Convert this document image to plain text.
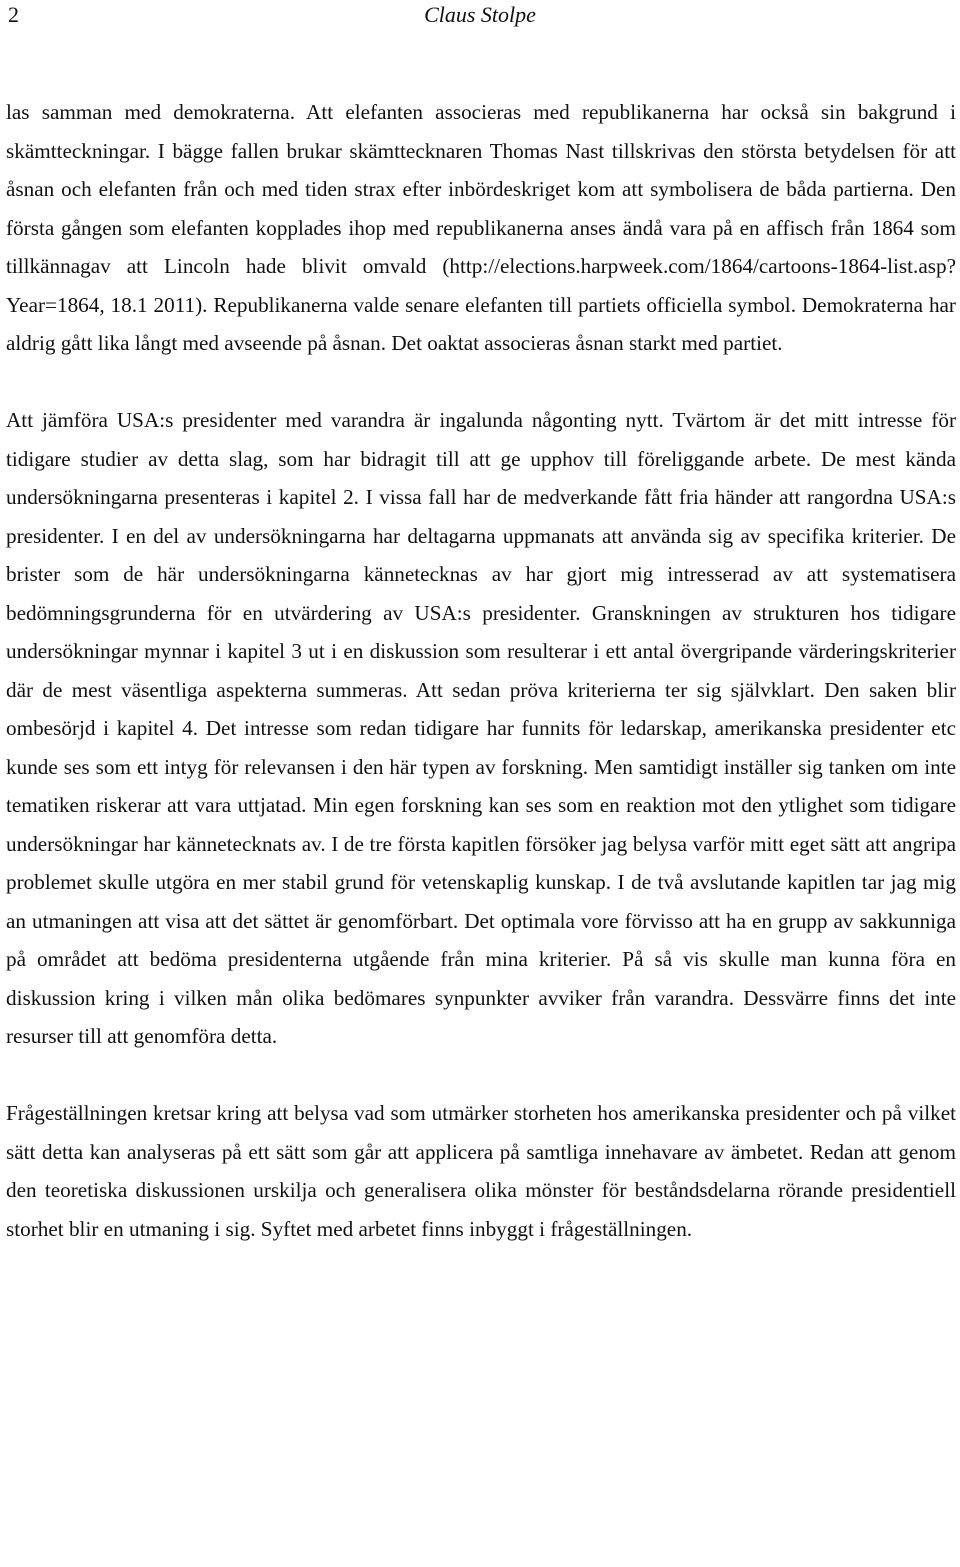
2	Claus Stolpe

las samman med demokraterna. Att elefanten associeras med republikanerna har också sin bakgrund i skämtteckningar. I bägge fallen brukar skämttecknaren Thomas Nast tillskrivas den största betydelsen för att åsnan och elefanten från och med tiden strax efter inbördeskriget kom att symbolisera de båda partierna. Den första gången som elefanten kopplades ihop med republikanerna anses ändå vara på en affisch från 1864 som tillkännagav att Lincoln hade blivit omvald (http://elections.harpweek.com/1864/cartoons-1864-list.asp?Year=1864, 18.1 2011). Republikanerna valde senare elefanten till partiets officiella symbol. Demokraterna har aldrig gått lika långt med avseende på åsnan. Det oaktat associeras åsnan starkt med partiet.

Att jämföra USA:s presidenter med varandra är ingalunda någonting nytt. Tvärtom är det mitt intresse för tidigare studier av detta slag, som har bidragit till att ge upphov till föreliggande arbete. De mest kända undersökningarna presenteras i kapitel 2. I vissa fall har de medverkande fått fria händer att rangordna USA:s presidenter. I en del av undersökningarna har deltagarna uppmanats att använda sig av specifika kriterier. De brister som de här undersökningarna kännetecknas av har gjort mig intresserad av att systematisera bedömningsgrunderna för en utvärdering av USA:s presidenter. Granskningen av strukturen hos tidigare undersökningar mynnar i kapitel 3 ut i en diskussion som resulterar i ett antal övergripande värderingskriterier där de mest väsentliga aspekterna summeras. Att sedan pröva kriterierna ter sig självklart. Den saken blir ombesörjd i kapitel 4. Det intresse som redan tidigare har funnits för ledarskap, amerikanska presidenter etc kunde ses som ett intyg för relevansen i den här typen av forskning. Men samtidigt inställer sig tanken om inte tematiken riskerar att vara uttjatad. Min egen forskning kan ses som en reaktion mot den ytlighet som tidigare undersökningar har kännetecknats av. I de tre första kapitlen försöker jag belysa varför mitt eget sätt att angripa problemet skulle utgöra en mer stabil grund för vetenskaplig kunskap. I de två avslutande kapitlen tar jag mig an utmaningen att visa att det sättet är genomförbart. Det optimala vore förvisso att ha en grupp av sakkunniga på området att bedöma presidenterna utgående från mina kriterier. På så vis skulle man kunna föra en diskussion kring i vilken mån olika bedömares synpunkter avviker från varandra. Dessvärre finns det inte resurser till att genomföra detta.

Frågeställningen kretsar kring att belysa vad som utmärker storheten hos amerikanska presidenter och på vilket sätt detta kan analyseras på ett sätt som går att applicera på samtliga innehavare av ämbetet. Redan att genom den teoretiska diskussionen urskilja och generalisera olika mönster för beståndsdelarna rörande presidentiell storhet blir en utmaning i sig. Syftet med arbetet finns inbyggt i frågeställningen.
